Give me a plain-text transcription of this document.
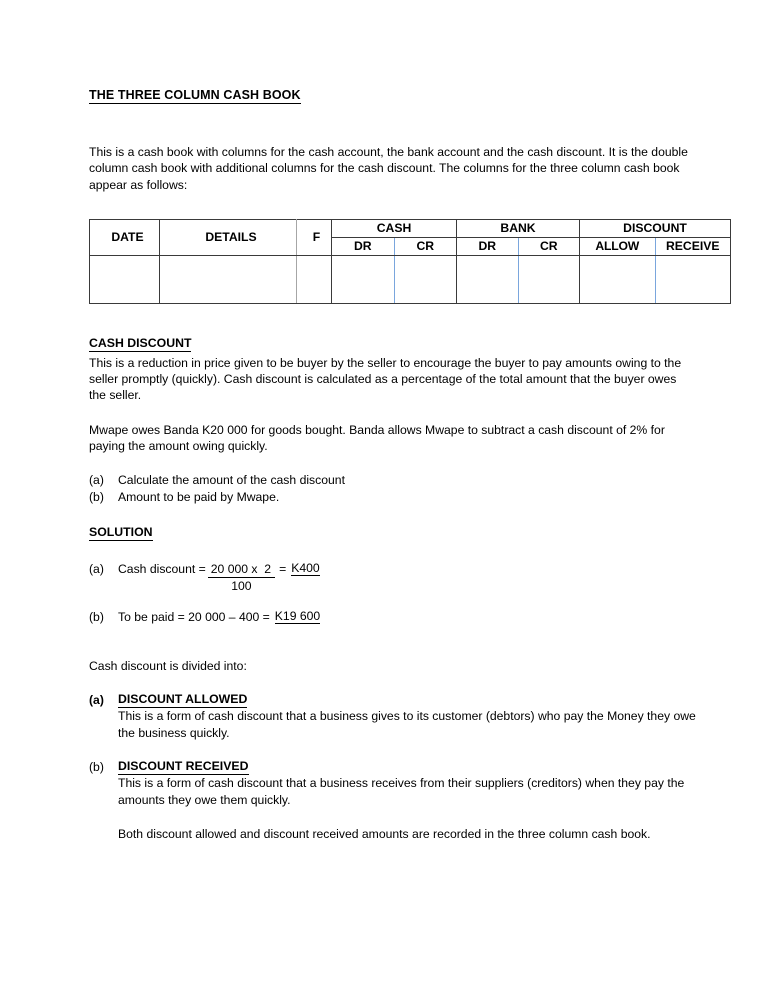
THE THREE COLUMN CASH BOOK

This is a cash book with columns for the cash account, the bank account and the cash discount. It is the double column cash book with additional columns for the cash discount. The columns for the three column cash book appear as follows:

DATE	DETAILS	F	CASH		BANK		DISCOUNT	
			DR	CR	DR	CR	ALLOW	RECEIVE

CASH DISCOUNT

This is a reduction in price given to be buyer by the seller to encourage the buyer to pay amounts owing to the seller promptly (quickly). Cash discount is calculated as a percentage of the total amount that the buyer owes the seller.

Mwape owes Banda K20 000 for goods bought. Banda allows Mwape to subtract a cash discount of 2% for paying the amount owing quickly.

(a)	Calculate the amount of the cash discount
(b)	Amount to be paid by Mwape.
SOLUTION
(a)	Cash discount = $\frac{20 000 x 2}{100} = K400$
(b)	To be paid = 20 000 – 400 = K19 600

Cash discount is divided into:

(a)	DISCOUNT ALLOWED

This is a form of cash discount that a business gives to its customer (debtors) who pay the Money they owe the business quickly.

(b)	DISCOUNT RECEIVED

This is a form of cash discount that a business receives from their suppliers (creditors) when they pay the amounts they owe them quickly.

Both discount allowed and discount received amounts are recorded in the three column cash book.
